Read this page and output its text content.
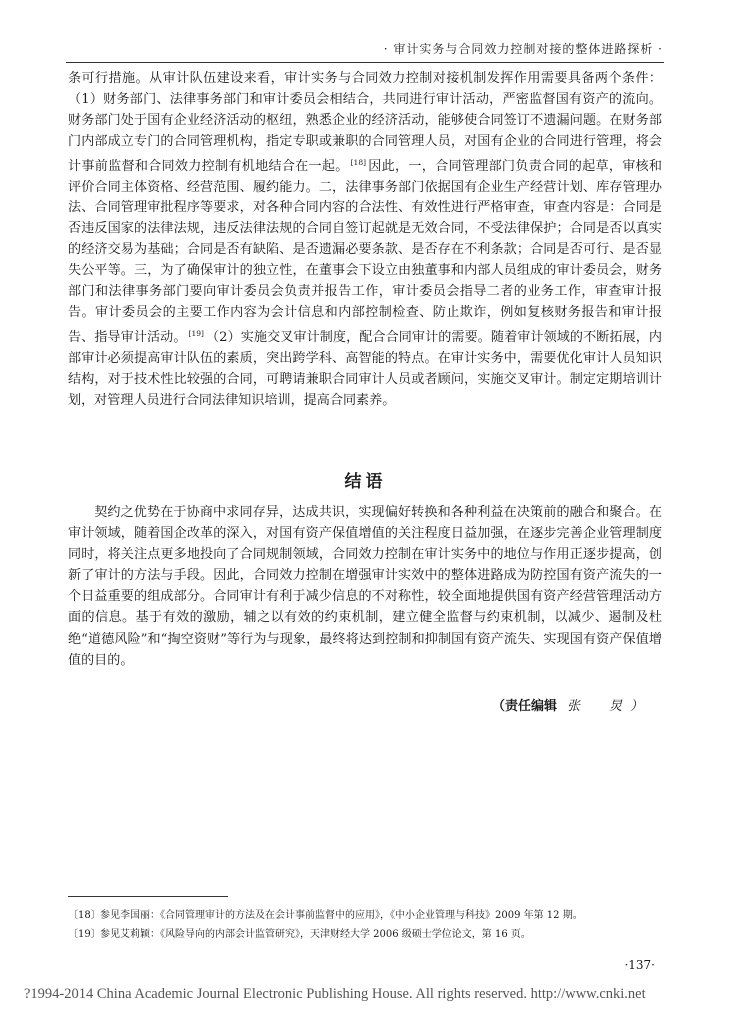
· 审计实务与合同效力控制对接的整体进路探析 ·

条可行措施。从审计队伍建设来看，审计实务与合同效力控制对接机制发挥作用需要具备两个条件：（1）财务部门、法律事务部门和审计委员会相结合，共同进行审计活动，严密监督国有资产的流向。财务部门处于国有企业经济活动的枢纽，熟悉企业的经济活动，能够使合同签订不遗漏问题。在财务部门内部成立专门的合同管理机构，指定专职或兼职的合同管理人员，对国有企业的合同进行管理，将会计事前监督和合同效力控制有机地结合在一起。 [18] 因此，一，合同管理部门负责合同的起草，审核和评价合同主体资格、经营范围、履约能力。二，法律事务部门依据国有企业生产经营计划、库存管理办法、合同管理审批程序等要求，对各种合同内容的合法性、有效性进行严格审查，审查内容是：合同是否违反国家的法律法规，违反法律法规的合同自签订起就是无效合同，不受法律保护；合同是否以真实的经济交易为基础；合同是否有缺陷、是否遗漏必要条款、是否存在不利条款；合同是否可行、是否显失公平等。三，为了确保审计的独立性，在董事会下设立由独董事和内部人员组成的审计委员会，财务部门和法律事务部门要向审计委员会负责并报告工作，审计委员会指导二者的业务工作，审查审计报告。审计委员会的主要工作内容为会计信息和内部控制检查、防止欺诈，例如复核财务报告和审计报告、指导审计活动。 [19] （2）实施交叉审计制度，配合合同审计的需要。随着审计领域的不断拓展，内部审计必须提高审计队伍的素质，突出跨学科、高智能的特点。在审计实务中，需要优化审计人员知识结构，对于技术性比较强的合同，可聘请兼职合同审计人员或者顾问，实施交叉审计。制定定期培训计划，对管理人员进行合同法律知识培训，提高合同素养。

结语

契约之优势在于协商中求同存异，达成共识，实现偏好转换和各种利益在决策前的融合和聚合。在审计领域，随着国企改革的深入，对国有资产保值增值的关注程度日益加强，在逐步完善企业管理制度同时，将关注点更多地投向了合同规制领域，合同效力控制在审计实务中的地位与作用正逐步提高，创新了审计的方法与手段。因此，合同效力控制在增强审计实效中的整体进路成为防控国有资产流失的一个日益重要的组成部分。合同审计有利于减少信息的不对称性，较全面地提供国有资产经营管理活动方面的信息。基于有效的激励，辅之以有效的约束机制，建立健全监督与约束机制，以减少、遏制及杜绝“道德风险”和“掏空资财”等行为与现象，最终将达到控制和抑制国有资产流失、实现国有资产保值增值的目的。

（责任编辑 张　炅）
〔18〕参见李国丽：《合同管理审计的方法及在会计事前监督中的应用》，《中小企业管理与科技》2009 年第 12 期。
〔19〕参见艾莉颖：《风险导向的内部会计监管研究》，天津财经大学 2006 级硕士学位论文，第 16 页。
·137·
?1994-2014 China Academic Journal Electronic Publishing House. All rights reserved. http://www.cnki.net
